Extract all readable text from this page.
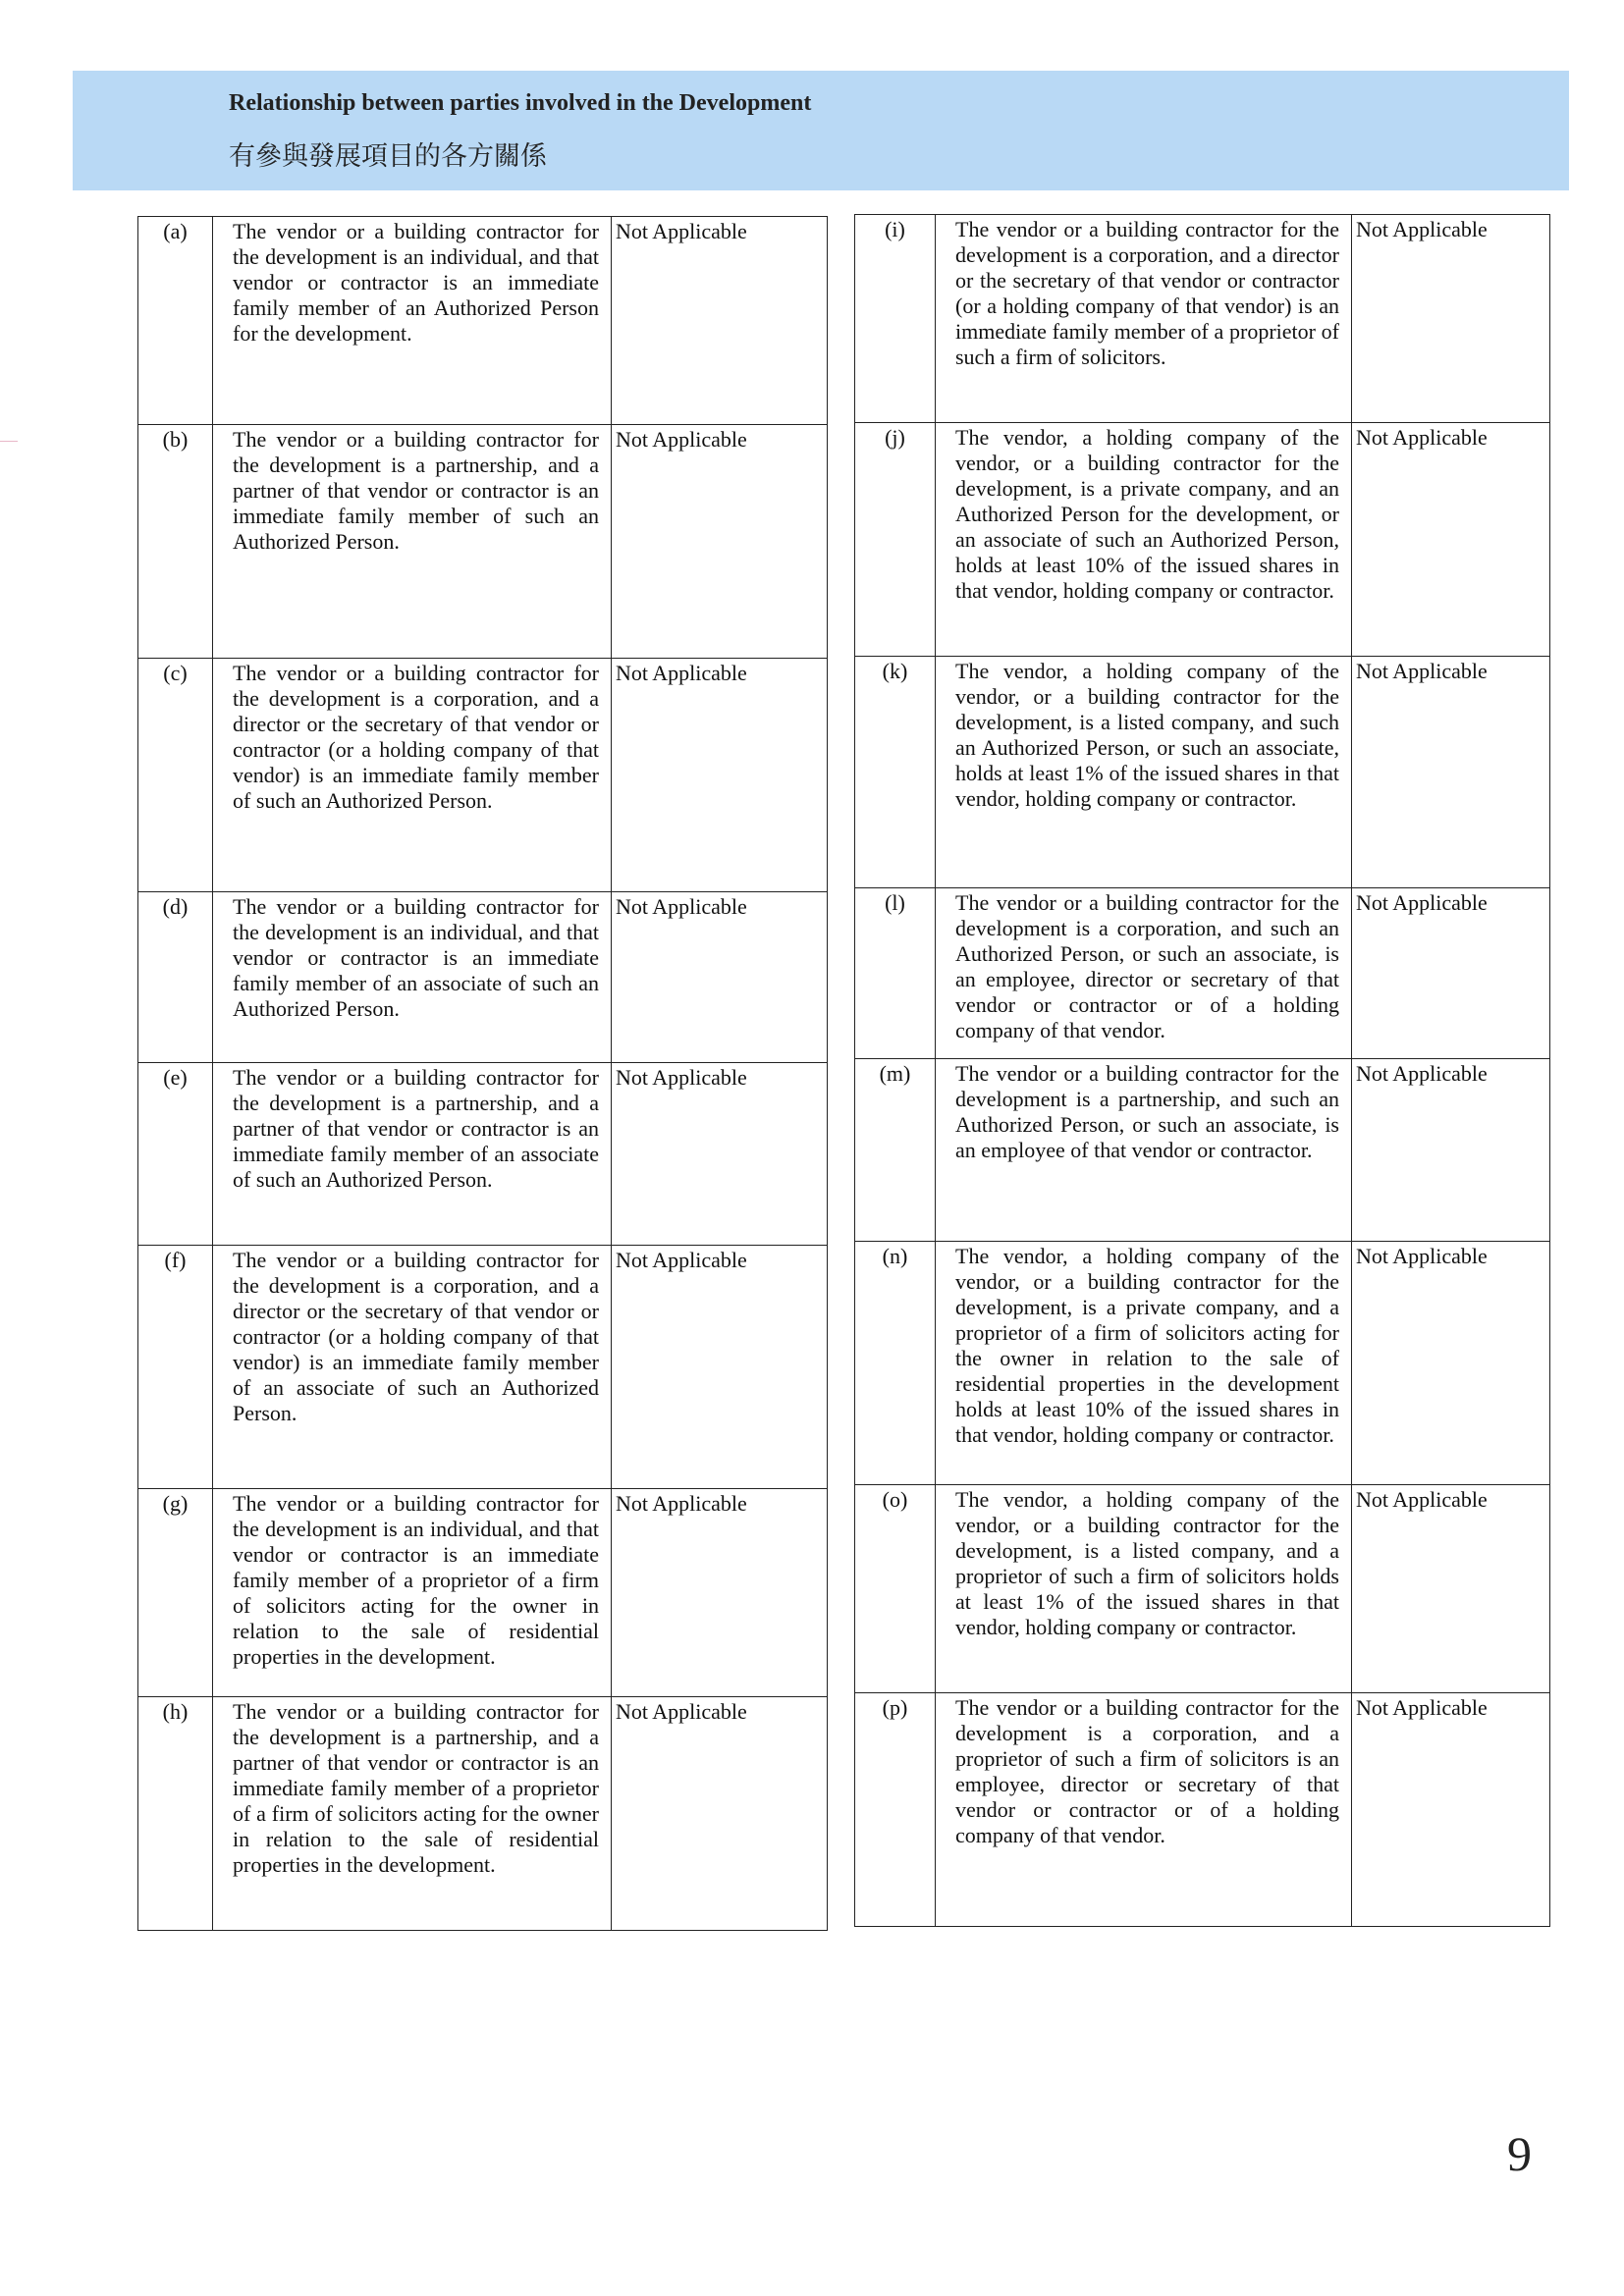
Relationship between parties involved in the Development
有參與發展項目的各方關係
(a)	The vendor or a building contractor for the development is an individual, and that vendor or contractor is an immediate family member of an Authorized Person for the development.	Not Applicable
(b)	The vendor or a building contractor for the development is a partnership, and a partner of that vendor or contractor is an immediate family member of such an Authorized Person.	Not Applicable
(c)	The vendor or a building contractor for the development is a corporation, and a director or the secretary of that vendor or contractor (or a holding company of that vendor) is an immediate family member of such an Authorized Person.	Not Applicable
(d)	The vendor or a building contractor for the development is an individual, and that vendor or contractor is an immediate family member of an associate of such an Authorized Person.	Not Applicable
(e)	The vendor or a building contractor for the development is a partnership, and a partner of that vendor or contractor is an immediate family member of an associate of such an Authorized Person.	Not Applicable
(f)	The vendor or a building contractor for the development is a corporation, and a director or the secretary of that vendor or contractor (or a holding company of that vendor) is an immediate family member of an associate of such an Authorized Person.	Not Applicable
(g)	The vendor or a building contractor for the development is an individual, and that vendor or contractor is an immediate family member of a proprietor of a firm of solicitors acting for the owner in relation to the sale of residential properties in the development.	Not Applicable
(h)	The vendor or a building contractor for the development is a partnership, and a partner of that vendor or contractor is an immediate family member of a proprietor of a firm of solicitors acting for the owner in relation to the sale of residential properties in the development.	Not Applicable
(i)	The vendor or a building contractor for the development is a corporation, and a director or the secretary of that vendor or contractor (or a holding company of that vendor) is an immediate family member of a proprietor of such a firm of solicitors.	Not Applicable
(j)	The vendor, a holding company of the vendor, or a building contractor for the development, is a private company, and an Authorized Person for the development, or an associate of such an Authorized Person, holds at least 10% of the issued shares in that vendor, holding company or contractor.	Not Applicable
(k)	The vendor, a holding company of the vendor, or a building contractor for the development, is a listed company, and such an Authorized Person, or such an associate, holds at least 1% of the issued shares in that vendor, holding company or contractor.	Not Applicable
(l)	The vendor or a building contractor for the development is a corporation, and such an Authorized Person, or such an associate, is an employee, director or secretary of that vendor or contractor or of a holding company of that vendor.	Not Applicable
(m)	The vendor or a building contractor for the development is a partnership, and such an Authorized Person, or such an associate, is an employee of that vendor or contractor.	Not Applicable
(n)	The vendor, a holding company of the vendor, or a building contractor for the development, is a private company, and a proprietor of a firm of solicitors acting for the owner in relation to the sale of residential properties in the development holds at least 10% of the issued shares in that vendor, holding company or contractor.	Not Applicable
(o)	The vendor, a holding company of the vendor, or a building contractor for the development, is a listed company, and a proprietor of such a firm of solicitors holds at least 1% of the issued shares in that vendor, holding company or contractor.	Not Applicable
(p)	The vendor or a building contractor for the development is a corporation, and a proprietor of such a firm of solicitors is an employee, director or secretary of that vendor or contractor or of a holding company of that vendor.	Not Applicable
9
